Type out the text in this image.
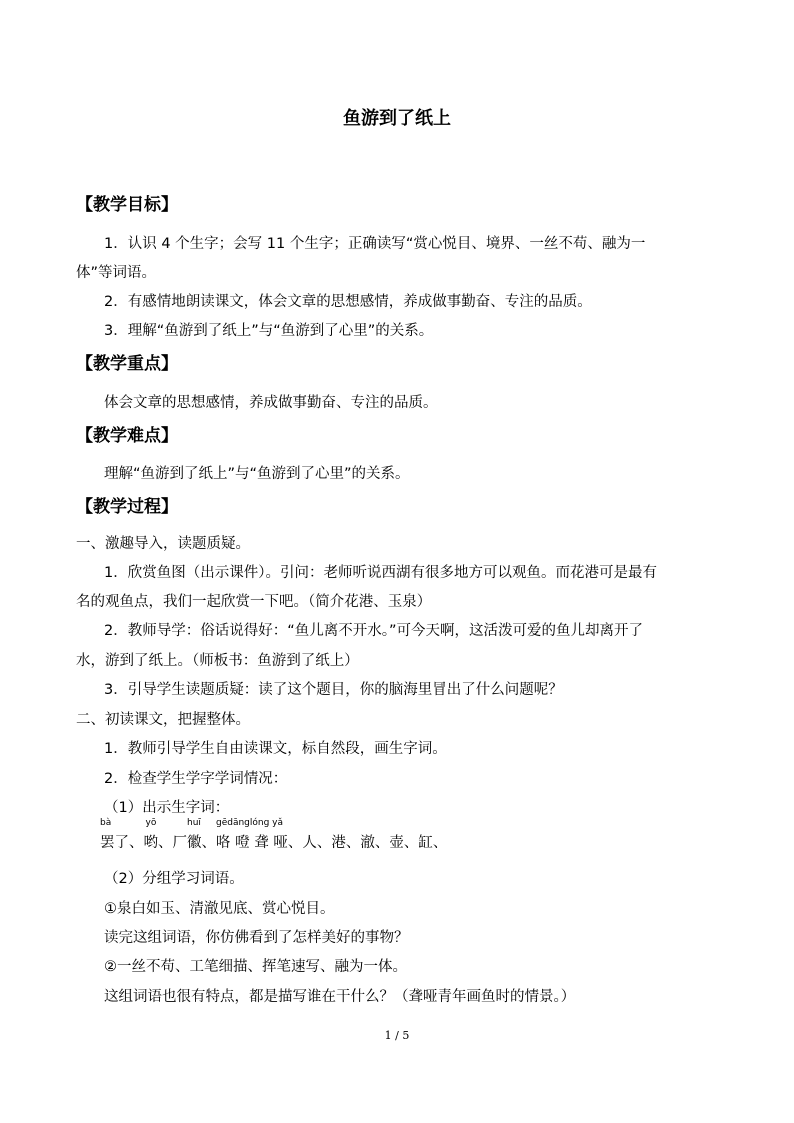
鱼游到了纸上
【教学目标】
1．认识 4 个生字；会写 11 个生字；正确读写“赏心悦目、境界、一丝不苟、融为一
体”等词语。
2．有感情地朗读课文，体会文章的思想感情，养成做事勤奋、专注的品质。
3．理解“鱼游到了纸上”与“鱼游到了心里”的关系。
【教学重点】
体会文章的思想感情，养成做事勤奋、专注的品质。
【教学难点】
理解“鱼游到了纸上”与“鱼游到了心里”的关系。
【教学过程】
一、激趣导入，读题质疑。
1．欣赏鱼图（出示课件）。引问：老师听说西湖有很多地方可以观鱼。而花港可是最有
名的观鱼点，我们一起欣赏一下吧。（简介花港、玉泉）
2．教师导学：俗话说得好：“鱼儿离不开水。”可今天啊，这活泼可爱的鱼儿却离开了
水，游到了纸上。（师板书：鱼游到了纸上）
3．引导学生读题质疑：读了这个题目，你的脑海里冒出了什么问题呢？
二、初读课文，把握整体。
1．教师引导学生自由读课文，标自然段，画生字词。
2．检查学生学字学词情况：
（1）出示生字词：
bà
罢了、
yō
哟、厂
huī
徽、
gēdānglóng yǎ
咯 噔 聋 哑、人、港、澈、壶、缸、
（2）分组学习词语。
①泉白如玉、清澈见底、赏心悦目。
读完这组词语，你仿佛看到了怎样美好的事物？
②一丝不苟、工笔细描、挥笔速写、融为一体。
这组词语也很有特点，都是描写谁在干什么？（聋哑青年画鱼时的情景。）
1 / 5
